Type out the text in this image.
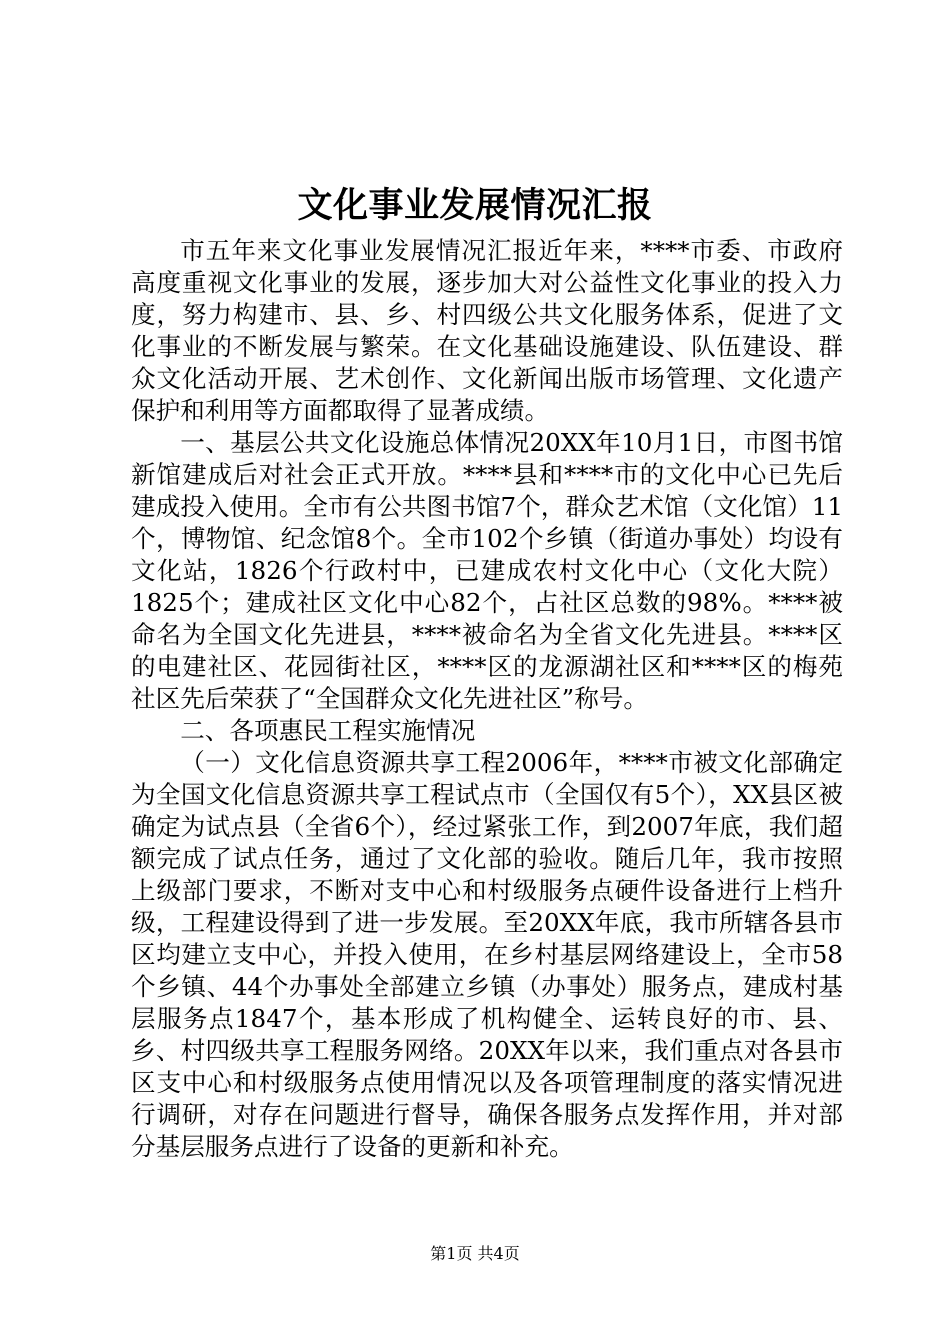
文化事业发展情况汇报

市五年来文化事业发展情况汇报近年来，****市委、市政府高度重视文化事业的发展，逐步加大对公益性文化事业的投入力度，努力构建市、县、乡、村四级公共文化服务体系，促进了文化事业的不断发展与繁荣。在文化基础设施建设、队伍建设、群众文化活动开展、艺术创作、文化新闻出版市场管理、文化遗产保护和利用等方面都取得了显著成绩。

一、基层公共文化设施总体情况20XX年10月1日，市图书馆新馆建成后对社会正式开放。****县和****市的文化中心已先后建成投入使用。全市有公共图书馆7个，群众艺术馆（文化馆）11个，博物馆、纪念馆8个。全市102个乡镇（街道办事处）均设有文化站，1826个行政村中，已建成农村文化中心（文化大院）1825个；建成社区文化中心82个，占社区总数的98%。****被命名为全国文化先进县，****被命名为全省文化先进县。****区的电建社区、花园街社区，****区的龙源湖社区和****区的梅苑社区先后荣获了“全国群众文化先进社区”称号。

二、各项惠民工程实施情况

（一）文化信息资源共享工程2006年，****市被文化部确定为全国文化信息资源共享工程试点市（全国仅有5个），XX县区被确定为试点县（全省6个），经过紧张工作，到2007年底，我们超额完成了试点任务，通过了文化部的验收。随后几年，我市按照上级部门要求，不断对支中心和村级服务点硬件设备进行上档升级，工程建设得到了进一步发展。至20XX年底，我市所辖各县市区均建立支中心，并投入使用，在乡村基层网络建设上，全市58个乡镇、44个办事处全部建立乡镇（办事处）服务点，建成村基层服务点1847个，基本形成了机构健全、运转良好的市、县、乡、村四级共享工程服务网络。20XX年以来，我们重点对各县市区支中心和村级服务点使用情况以及各项管理制度的落实情况进行调研，对存在问题进行督导，确保各服务点发挥作用，并对部分基层服务点进行了设备的更新和补充。

第1页 共4页
